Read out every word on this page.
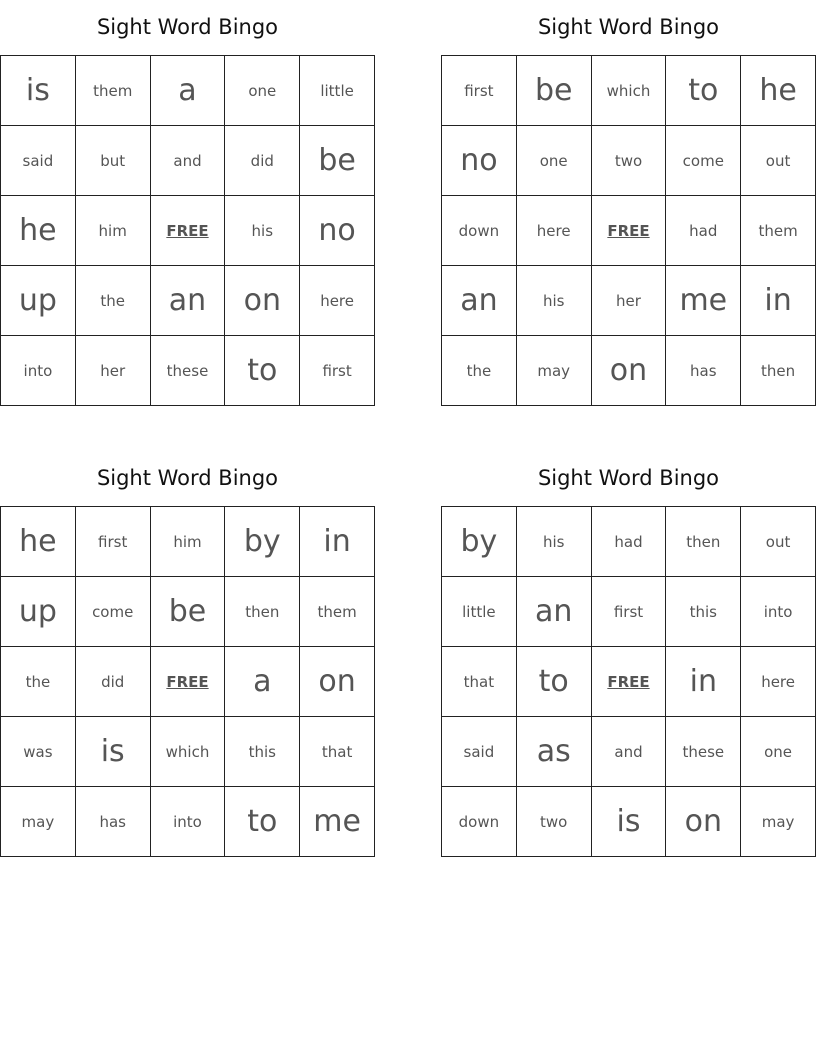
Sight Word Bingo
is	them	a	one	little
said	but	and	did	be
he	him	FREE	his	no
up	the	an	on	here
into	her	these	to	first
Sight Word Bingo
first	be	which	to	he
no	one	two	come	out
down	here	FREE	had	them
an	his	her	me	in
the	may	on	has	then
Sight Word Bingo
he	first	him	by	in
up	come	be	then	them
the	did	FREE	a	on
was	is	which	this	that
may	has	into	to	me
Sight Word Bingo
by	his	had	then	out
little	an	first	this	into
that	to	FREE	in	here
said	as	and	these	one
down	two	is	on	may
